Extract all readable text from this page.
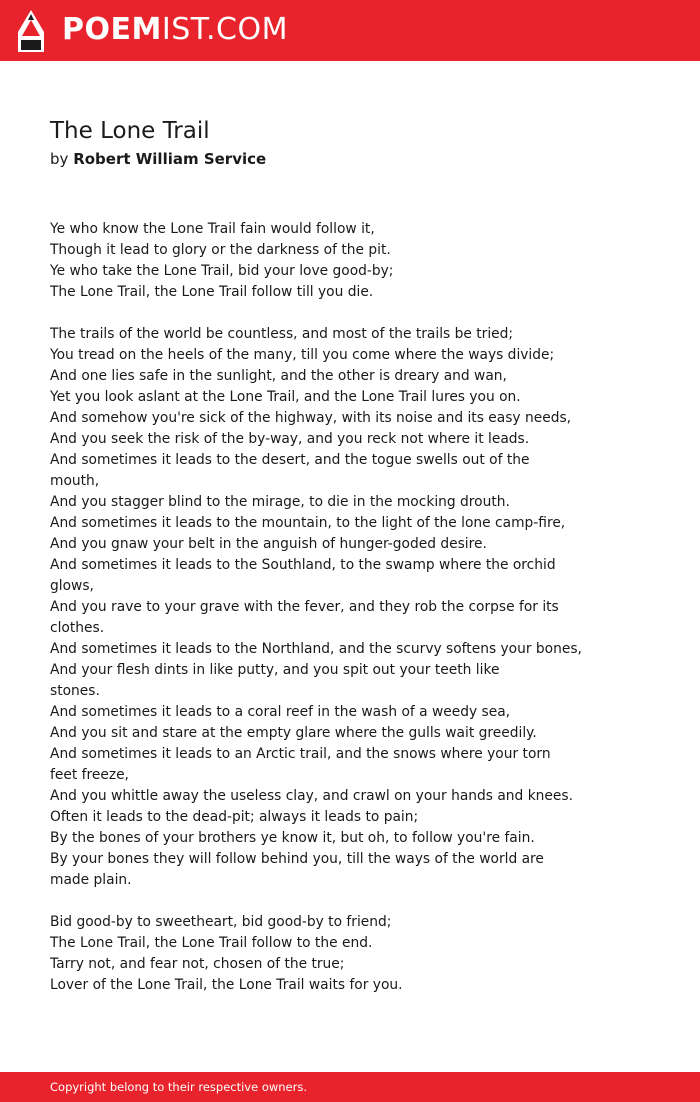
POEMIST.COM
The Lone Trail
by Robert William Service
Ye who know the Lone Trail fain would follow it,
Though it lead to glory or the darkness of the pit.
Ye who take the Lone Trail, bid your love good-by;
The Lone Trail, the Lone Trail follow till you die.
The trails of the world be countless, and most of the trails be tried;
You tread on the heels of the many, till you come where the ways divide;
And one lies safe in the sunlight, and the other is dreary and wan,
Yet you look aslant at the Lone Trail, and the Lone Trail lures you on.
And somehow you're sick of the highway, with its noise and its easy needs,
And you seek the risk of the by-way, and you reck not where it leads.
And sometimes it leads to the desert, and the togue swells out of the
mouth,
And you stagger blind to the mirage, to die in the mocking drouth.
And sometimes it leads to the mountain, to the light of the lone camp-fire,
And you gnaw your belt in the anguish of hunger-goded desire.
And sometimes it leads to the Southland, to the swamp where the orchid
glows,
And you rave to your grave with the fever, and they rob the corpse for its
clothes.
And sometimes it leads to the Northland, and the scurvy softens your bones,
And your flesh dints in like putty, and you spit out your teeth like
stones.
And sometimes it leads to a coral reef in the wash of a weedy sea,
And you sit and stare at the empty glare where the gulls wait greedily.
And sometimes it leads to an Arctic trail, and the snows where your torn
feet freeze,
And you whittle away the useless clay, and crawl on your hands and knees.
Often it leads to the dead-pit; always it leads to pain;
By the bones of your brothers ye know it, but oh, to follow you're fain.
By your bones they will follow behind you, till the ways of the world are
made plain.
Bid good-by to sweetheart, bid good-by to friend;
The Lone Trail, the Lone Trail follow to the end.
Tarry not, and fear not, chosen of the true;
Lover of the Lone Trail, the Lone Trail waits for you.
Copyright belong to their respective owners.
